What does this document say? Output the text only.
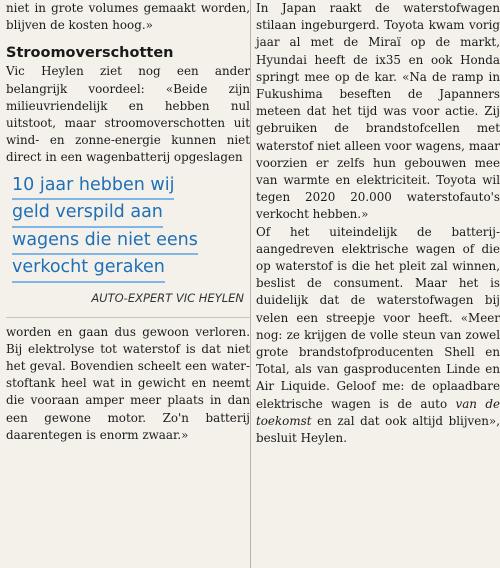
niet in grote volumes gemaakt worden, blijven de kosten hoog.»

Stroomoverschotten

Vic Heylen ziet nog een ander belangrijk voordeel: «Beide zijn milieuvriendelijk en hebben nul uitstoot, maar stroomoverschotten uit wind- en zonne-energie kunnen niet direct in een wagenbatterij opgeslagen

10 jaar hebben wij
geld verspild aan
wagens die niet eens
verkocht geraken
AUTO-EXPERT VIC HEYLEN

worden en gaan dus gewoon verloren. Bij elektrolyse tot waterstof is dat niet het geval. Bovendien scheelt een waterstoftank heel wat in gewicht en neemt die vooraan amper meer plaats in dan een gewone motor. Zo'n batterij daarentegen is enorm zwaar.»

In Japan raakt de waterstofwagen stilaan ingeburgerd. Toyota kwam vorig jaar al met de Miraï op de markt, Hyundai heeft de ix35 en ook Honda springt mee op de kar. «Na de ramp in Fukushima beseften de Japanners meteen dat het tijd was voor actie. Zij gebruiken de brandstofcellen met waterstof niet alleen voor wagens, maar voorzien er zelfs hun gebouwen mee van warmte en elektriciteit. Toyota wil tegen 2020 20.000 waterstofauto's verkocht hebben.»

Of het uiteindelijk de batterijaangedreven elektrische wagen of die op waterstof is die het pleit zal winnen, beslist de consument. Maar het is duidelijk dat de waterstofwagen bij velen een streepje voor heeft. «Meer nog: ze krijgen de volle steun van zowel grote brandstofproducenten Shell en Total, als van gasproducenten Linde en Air Liquide. Geloof me: de oplaadbare elektrische wagen is de auto van de toekomst en zal dat ook altijd blijven», besluit Heylen.
